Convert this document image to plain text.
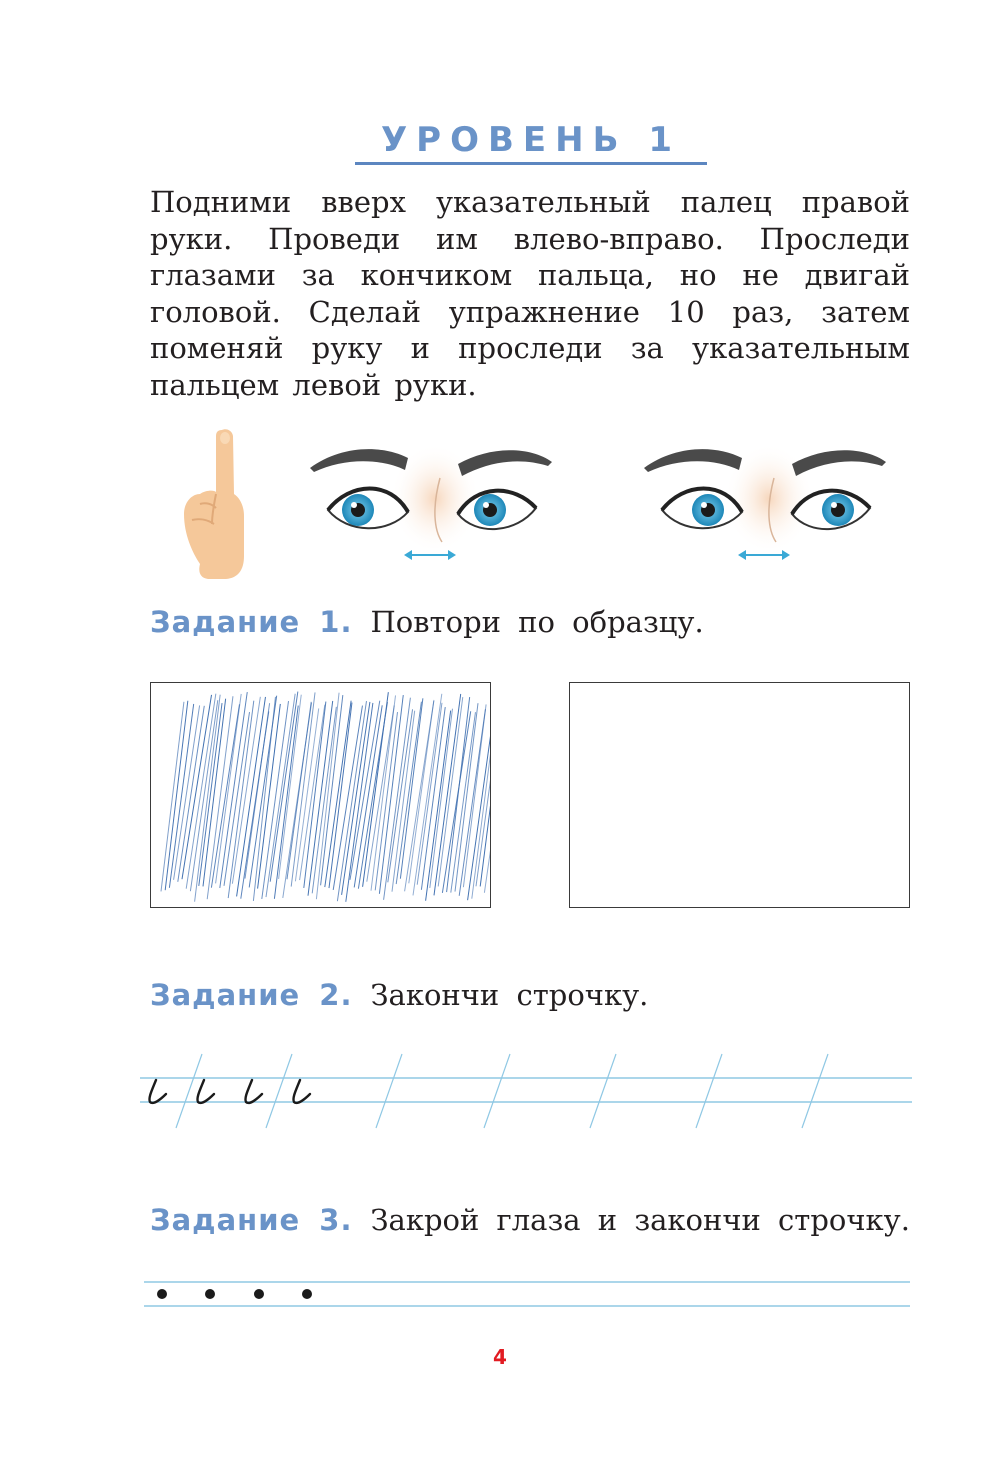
УРОВЕНЬ 1
Подними вверх указательный палец правой
руки. Проведи им влево-вправо. Проследи
глазами за кончиком пальца, но не двигай
головой. Сделай упражнение 10 раз, затем
поменяй руку и проследи за указательным
пальцем левой руки.
Задание 1. Повтори по образцу.
Задание 2. Закончи строчку.
Задание 3. Закрой глаза и закончи строчку.
4
